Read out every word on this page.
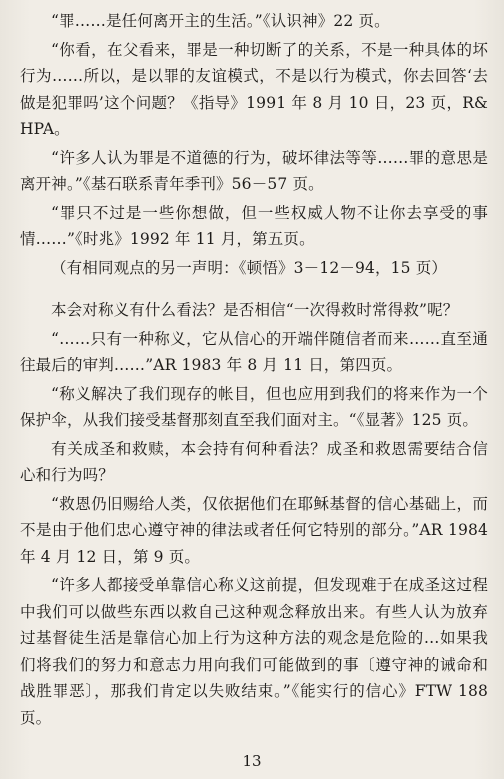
“罪……是任何离开主的生活。”《认识神》22 页。

“你看，在父看来，罪是一种切断了的关系，不是一种具体的坏行为……所以，是以罪的友谊模式，不是以行为模式，你去回答‘去做是犯罪吗’这个问题？《指导》1991 年 8 月 10 日，23 页，R&HPA。

“许多人认为罪是不道德的行为，破坏律法等等……罪的意思是离开神。”《基石联系青年季刊》56－57 页。

“罪只不过是一些你想做，但一些权威人物不让你去享受的事情……”《时兆》1992 年 11 月，第五页。

（有相同观点的另一声明：《顿悟》3－12－94，15 页）

本会对称义有什么看法？是否相信“一次得救时常得救”呢？

“……只有一种称义，它从信心的开端伴随信者而来……直至通往最后的审判……”AR 1983 年 8 月 11 日，第四页。

“称义解决了我们现存的帐目，但也应用到我们的将来作为一个保护伞，从我们接受基督那刻直至我们面对主。“《显著》125 页。

有关成圣和救赎，本会持有何种看法？成圣和救恩需要结合信心和行为吗？

“救恩仍旧赐给人类，仅依据他们在耶稣基督的信心基础上，而不是由于他们忠心遵守神的律法或者任何它特别的部分。”AR 1984 年 4 月 12 日，第 9 页。

“许多人都接受单靠信心称义这前提，但发现难于在成圣这过程中我们可以做些东西以救自己这种观念释放出来。有些人认为放弃过基督徒生活是靠信心加上行为这种方法的观念是危险的…如果我们将我们的努力和意志力用向我们可能做到的事〔遵守神的诫命和战胜罪恶〕，那我们肯定以失败结束。”《能实行的信心》FTW 188 页。

13
